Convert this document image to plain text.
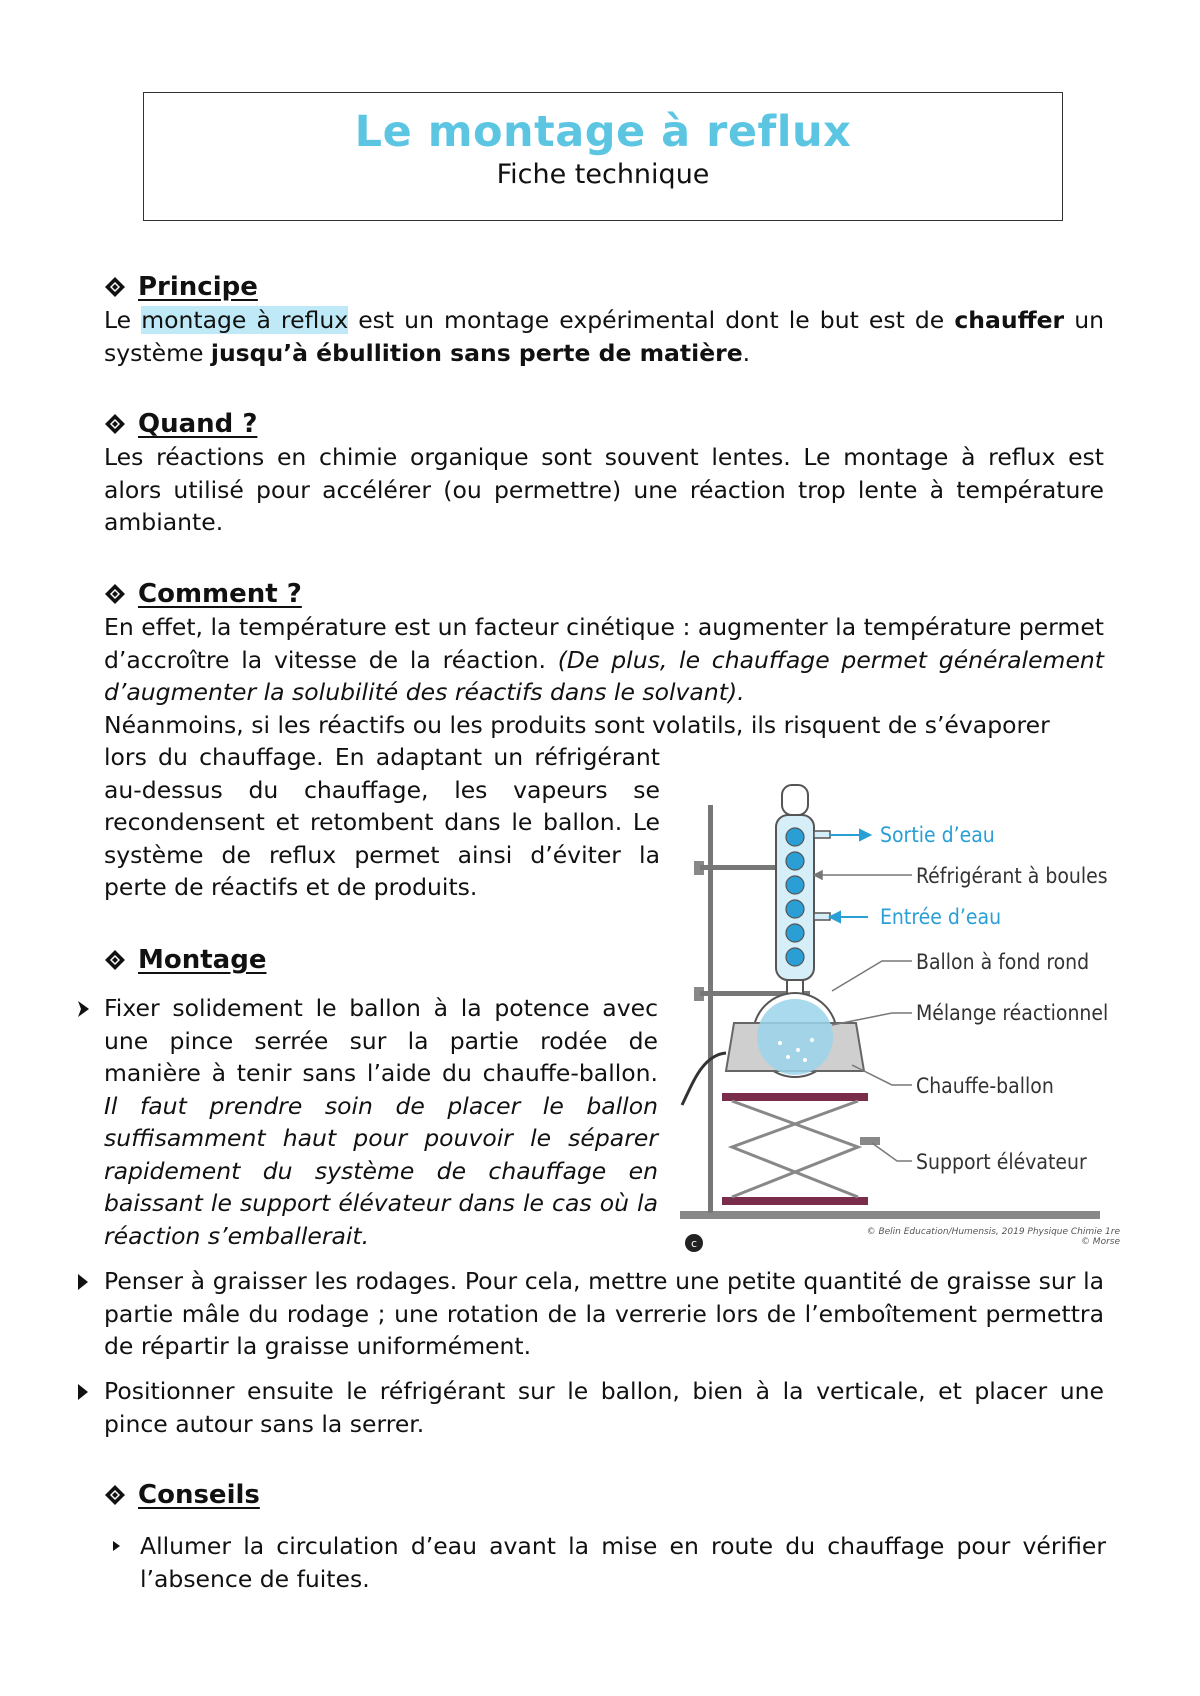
Le montage à reflux
Fiche technique
Principe
Le montage à reflux est un montage expérimental dont le but est de chauffer un système jusqu’à ébullition sans perte de matière.
Quand ?
Les réactions en chimie organique sont souvent lentes. Le montage à reflux est alors utilisé pour accélérer (ou permettre) une réaction trop lente à température ambiante.
Comment ?
En effet, la température est un facteur cinétique : augmenter la température permet d’accroître la vitesse de la réaction. (De plus, le chauffage permet généralement d’augmenter la solubilité des réactifs dans le solvant).
Néanmoins, si les réactifs ou les produits sont volatils, ils risquent de s’évaporer
lors du chauffage. En adaptant un réfrigérant au-dessus du chauffage, les vapeurs se recondensent et retombent dans le ballon. Le système de reflux permet ainsi d’éviter la perte de réactifs et de produits.
Montage
Fixer solidement le ballon à la potence avec une pince serrée sur la partie rodée de manière à tenir sans l’aide du chauffe-ballon. Il faut prendre soin de placer le ballon suffisamment haut pour pouvoir le séparer rapidement du système de chauffage en baissant le support élévateur dans le cas où la réaction s’emballerait.
Penser à graisser les rodages. Pour cela, mettre une petite quantité de graisse sur la partie mâle du rodage ; une rotation de la verrerie lors de l’emboîtement permettra de répartir la graisse uniformément.
Positionner ensuite le réfrigérant sur le ballon, bien à la verticale, et placer une pince autour sans la serrer.
Conseils
Allumer la circulation d’eau avant la mise en route du chauffage pour vérifier l’absence de fuites.
c
Sortie d’eau
Réfrigérant à boules
Entrée d’eau
Ballon à fond rond
Mélange réactionnel
Chauffe-ballon
Support élévateur
© Belin Education/Humensis, 2019 Physique Chimie 1re
© Morse
